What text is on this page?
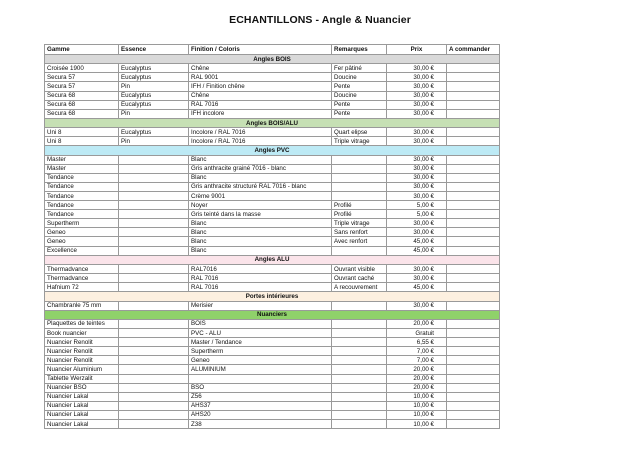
ECHANTILLONS - Angle & Nuancier
Gamme	Essence	Finition / Coloris	Remarques	Prix	A commander
Angles BOIS					
Croisée 1900	Eucalyptus	Chêne	Fer pâtiné	30,00 €	
Secura 57	Eucalyptus	RAL 9001	Doucine	30,00 €	
Secura 57	Pin	IFH / Finition chêne	Pente	30,00 €	
Secura 68	Eucalyptus	Chêne	Doucine	30,00 €	
Secura 68	Eucalyptus	RAL 7016	Pente	30,00 €	
Secura 68	Pin	IFH incolore	Pente	30,00 €	
Angles BOIS/ALU					
Uni 8	Eucalyptus	Incolore / RAL 7016	Quart elipse	30,00 €	
Uni 8	Pin	Incolore / RAL 7016	Triple vitrage	30,00 €	
Angles PVC					
Master		Blanc		30,00 €	
Master		Gris anthracite grainé 7016 - blanc		30,00 €	
Tendance		Blanc		30,00 €	
Tendance		Gris anthracite structuré RAL 7016 - blanc		30,00 €	
Tendance		Crème 9001		30,00 €	
Tendance		Noyer	Profilé	5,00 €	
Tendance		Gris teinté dans la masse	Profilé	5,00 €	
Supertherm		Blanc	Triple vitrage	30,00 €	
Geneo		Blanc	Sans renfort	30,00 €	
Geneo		Blanc	Avec renfort	45,00 €	
Excellence		Blanc		45,00 €	
Angles ALU					
Thermadvance		RAL7016	Ouvrant visible	30,00 €	
Thermadvance		RAL 7016	Ouvrant caché	30,00 €	
Hafnium 72		RAL 7016	A recouvrement	45,00 €	
Portes intérieures					
Chambranle 75 mm		Merisier		30,00 €	
Nuanciers					
Plaquettes de teintes		BOIS		20,00 €	
Book nuancier		PVC - ALU		Gratuit	
Nuancier Renolit		Master / Tendance		6,55 €	
Nuancier Renolit		Supertherm		7,00 €	
Nuancier Renolit		Geneo		7,00 €	
Nuancier Aluminium		ALUMINIUM		20,00 €	
Tablette Werzalit				20,00 €	
Nuancier BSO		BSO		20,00 €	
Nuancier Lakal		Z56		10,00 €	
Nuancier Lakal		AHS37		10,00 €	
Nuancier Lakal		AHS20		10,00 €	
Nuancier Lakal		Z38		10,00 €	
